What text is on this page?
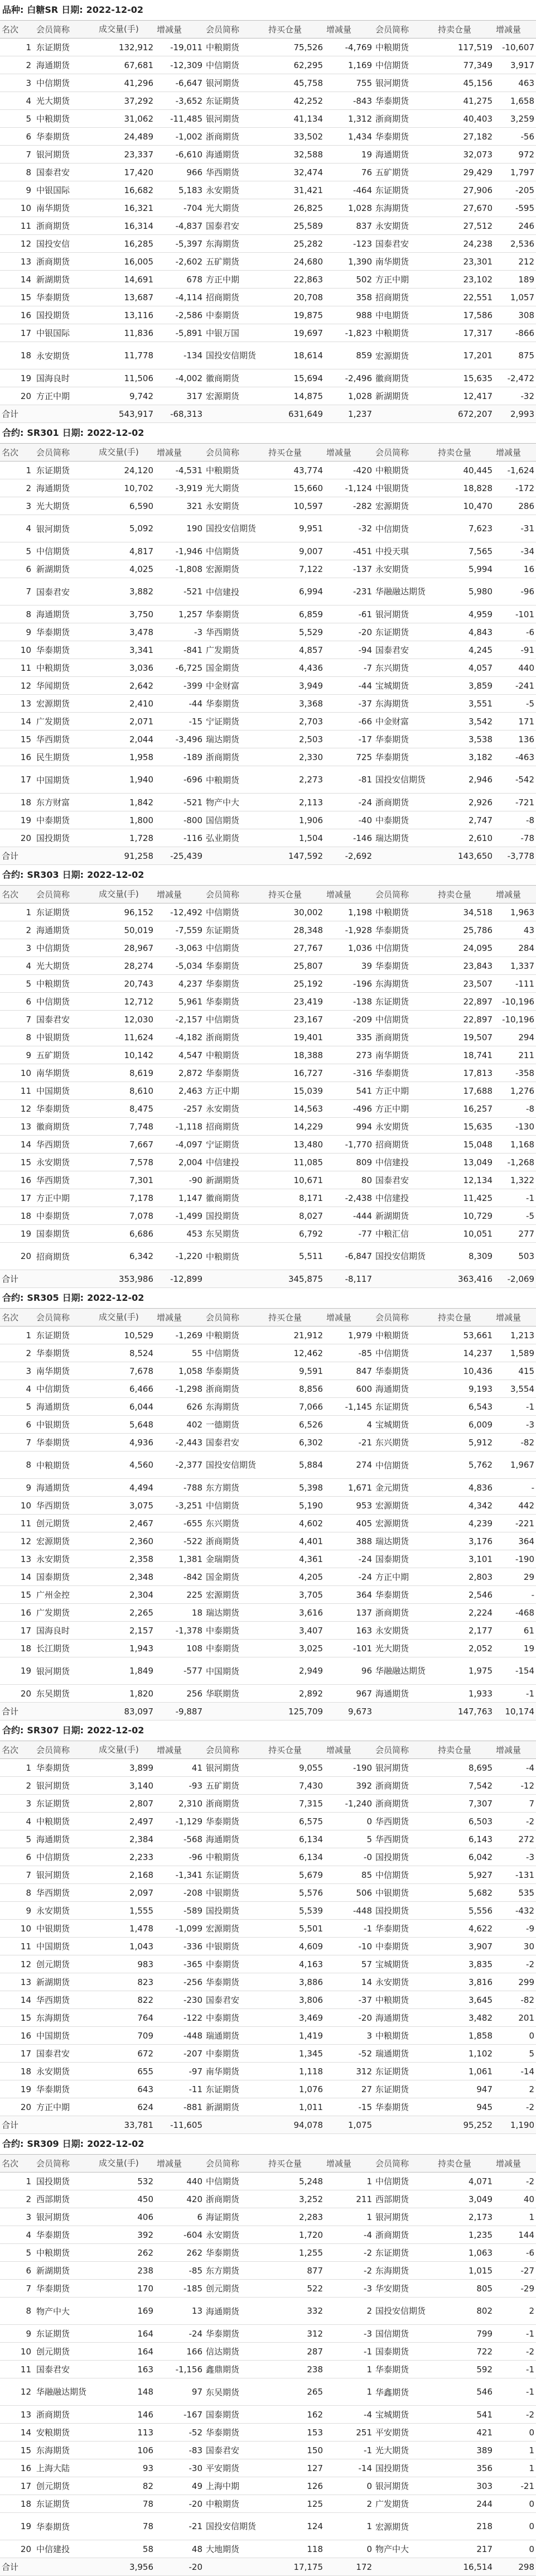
品种: 白糖SR 日期: 2022-12-02
名次	会员简称	成交量(手)	增减量	会员简称	持买仓量	增减量	会员简称	持卖仓量	增减量
1	东证期货	132,912	-19,011	中粮期货	75,526	-4,769	中粮期货	117,519	-10,607
2	海通期货	67,681	-12,309	中信期货	62,295	1,169	中信期货	77,349	3,917
3	中信期货	41,296	-6,647	银河期货	45,758	755	银河期货	45,156	463
4	光大期货	37,292	-3,652	东证期货	42,252	-843	华泰期货	41,275	1,658
5	中粮期货	31,062	-11,485	银河期货	41,134	1,312	浙商期货	40,403	3,259
6	华泰期货	24,489	-1,002	浙商期货	33,502	1,434	华泰期货	27,182	-56
7	银河期货	23,337	-6,610	海通期货	32,588	19	海通期货	32,073	972
8	国泰君安	17,420	966	华西期货	32,474	76	五矿期货	29,429	1,797
9	中银国际	16,682	5,183	永安期货	31,421	-464	东证期货	27,906	-205
10	南华期货	16,321	-704	光大期货	26,825	1,028	东海期货	27,670	-595
11	浙商期货	16,314	-4,837	国泰君安	25,589	837	永安期货	27,512	246
12	国投安信	16,285	-5,397	东海期货	25,282	-123	国泰君安	24,238	2,536
13	浙商期货	16,005	-2,602	五矿期货	24,680	1,390	南华期货	23,301	212
14	新湖期货	14,691	678	方正中期	22,863	502	方正中期	23,102	189
15	华泰期货	13,687	-4,114	招商期货	20,708	358	招商期货	22,551	1,057
16	国投期货	13,116	-2,586	中泰期货	19,875	988	中电期货	17,586	308
17	中银国际	11,836	-5,891	中银万国	19,697	-1,823	中粮期货	17,317	-866
18	永安期货	11,778	-134	国投安信期货	18,614	859	宏源期货	17,201	875
19	国海良时	11,506	-4,002	徽商期货	15,694	-2,496	徽商期货	15,635	-2,472
20	方正中期	9,742	317	宏源期货	14,875	1,028	新湖期货	12,417	-32
合计		543,917	-68,313		631,649	1,237		672,207	2,993
合约: SR301 日期: 2022-12-02
名次	会员简称	成交量(手)	增减量	会员简称	持买仓量	增减量	会员简称	持卖仓量	增减量
1	东证期货	24,120	-4,531	中粮期货	43,774	-420	中粮期货	40,445	-1,624
2	海通期货	10,702	-3,919	光大期货	15,660	-1,124	中银期货	18,828	-172
3	光大期货	6,590	321	永安期货	10,597	-282	宏源期货	10,470	286
4	银河期货	5,092	190	国投安信期货	9,951	-32	中信期货	7,623	-31
5	中信期货	4,817	-1,946	中信期货	9,007	-451	中投天琪	7,565	-34
6	新湖期货	4,025	-1,808	宏源期货	7,122	-137	永安期货	5,994	16
7	国泰君安	3,882	-521	中信建投	6,994	-231	华融融达期货	5,980	-96
8	海通期货	3,750	1,257	华泰期货	6,859	-61	银河期货	4,959	-101
9	华泰期货	3,478	-3	华西期货	5,529	-20	东证期货	4,843	-6
10	华泰期货	3,341	-841	广发期货	4,857	-94	国泰君安	4,245	-91
11	中粮期货	3,036	-6,725	国金期货	4,436	-7	东兴期货	4,057	440
12	华闻期货	2,642	-399	中金财富	3,949	-44	宝城期货	3,859	-241
13	宏源期货	2,410	-44	华泰期货	3,368	-37	东海期货	3,551	-5
14	广发期货	2,071	-15	宁证期货	2,703	-66	中金财富	3,542	171
15	华西期货	2,044	-3,496	瑞达期货	2,503	-17	华泰期货	3,538	136
16	民生期货	1,958	-189	浙商期货	2,330	725	华泰期货	3,182	-463
17	中国期货	1,940	-696	中粮期货	2,273	-81	国投安信期货	2,946	-542
18	东方财富	1,842	-521	物产中大	2,113	-24	浙商期货	2,926	-721
19	中泰期货	1,800	-800	国信期货	1,906	-40	中泰期货	2,747	-8
20	国投期货	1,728	-116	弘业期货	1,504	-146	瑞达期货	2,610	-78
合计		91,258	-25,439		147,592	-2,692		143,650	-3,778
合约: SR303 日期: 2022-12-02
名次	会员简称	成交量(手)	增减量	会员简称	持买仓量	增减量	会员简称	持卖仓量	增减量
1	东证期货	96,152	-12,492	中信期货	30,002	1,198	中粮期货	34,518	1,963
2	海通期货	50,019	-7,559	东证期货	28,348	-1,928	华泰期货	25,786	43
3	中信期货	28,967	-3,063	中信期货	27,767	1,036	中信期货	24,095	284
4	光大期货	28,274	-5,034	华泰期货	25,807	39	华泰期货	23,843	1,337
5	中粮期货	20,743	4,237	华泰期货	25,192	-196	东海期货	23,507	-111
6	中信期货	12,712	5,961	华泰期货	23,419	-138	东证期货	22,897	-10,196
7	国泰君安	12,030	-2,157	中信期货	23,167	-209	中信期货	22,897	-10,196
8	中银期货	11,624	-4,182	浙商期货	19,401	335	浙商期货	19,507	294
9	五矿期货	10,142	4,547	中粮期货	18,388	273	南华期货	18,741	211
10	南华期货	8,619	2,872	华泰期货	16,727	-316	华泰期货	17,813	-358
11	中国期货	8,610	2,463	方正中期	15,039	541	方正中期	17,688	1,276
12	华泰期货	8,475	-257	永安期货	14,563	-496	方正中期	16,257	-8
13	徽商期货	7,748	-1,118	招商期货	14,229	994	永安期货	15,635	-130
14	华西期货	7,667	-4,097	宁证期货	13,480	-1,770	招商期货	15,048	1,168
15	永安期货	7,578	2,004	中信建投	11,085	809	中信建投	13,049	-1,268
16	华西期货	7,301	-90	新湖期货	10,671	80	国泰君安	12,134	1,322
17	方正中期	7,178	1,147	徽商期货	8,171	-2,438	中信建投	11,425	-1
18	中泰期货	7,078	-1,499	国投期货	8,027	-444	新湖期货	10,729	-5
19	国泰期货	6,686	453	东吴期货	6,792	-77	中粮汇信	10,051	277
20	招商期货	6,342	-1,220	中粮期货	5,511	-6,847	国投安信期货	8,309	503
合计		353,986	-12,899		345,875	-8,117		363,416	-2,069
合约: SR305 日期: 2022-12-02
名次	会员简称	成交量(手)	增减量	会员简称	持买仓量	增减量	会员简称	持卖仓量	增减量
1	东证期货	10,529	-1,269	中粮期货	21,912	1,979	中粮期货	53,661	1,213
2	华泰期货	8,524	55	中信期货	12,462	-85	中信期货	14,237	1,589
3	南华期货	7,678	1,058	华泰期货	9,591	847	华泰期货	10,436	415
4	中信期货	6,466	-1,298	浙商期货	8,856	600	海通期货	9,193	3,554
5	海通期货	6,044	626	东海期货	7,066	-1,145	东证期货	6,543	-1
6	中银期货	5,648	402	一德期货	6,526	4	宝城期货	6,009	-3
7	华泰期货	4,936	-2,443	国泰君安	6,302	-21	东兴期货	5,912	-82
8	中粮期货	4,560	-2,377	国投安信期货	5,884	274	中信期货	5,762	1,967
9	海通期货	4,494	-788	东方期货	5,398	1,671	金元期货	4,836	-
10	华西期货	3,075	-3,251	中信期货	5,190	953	宏源期货	4,342	442
11	创元期货	2,467	-655	东兴期货	4,602	405	宏源期货	4,239	-221
12	宏源期货	2,360	-522	浙商期货	4,401	388	瑞达期货	3,176	364
13	永安期货	2,358	1,381	金瑞期货	4,361	-24	国泰期货	3,101	-190
14	国泰期货	2,348	-842	国金期货	4,205	-24	方正中期	2,803	29
15	广州金控	2,304	225	宏源期货	3,705	364	华泰期货	2,546	-
16	广发期货	2,265	18	瑞达期货	3,616	137	浙商期货	2,224	-468
17	国海良时	2,157	-1,378	中泰期货	3,407	163	永安期货	2,177	61
18	长江期货	1,943	108	中泰期货	3,025	-101	光大期货	2,052	19
19	银河期货	1,849	-577	中国期货	2,949	96	华融融达期货	1,975	-154
20	东吴期货	1,820	256	华联期货	2,892	967	海通期货	1,933	-1
合计		83,097	-9,887		125,709	9,673		147,763	10,174
合约: SR307 日期: 2022-12-02
名次	会员简称	成交量(手)	增减量	会员简称	持买仓量	增减量	会员简称	持卖仓量	增减量
1	华泰期货	3,899	41	银河期货	9,055	-190	银河期货	8,695	-4
2	银河期货	3,140	-93	五矿期货	7,430	392	浙商期货	7,542	-12
3	东证期货	2,807	2,310	浙商期货	7,315	-1,240	浙商期货	7,307	7
4	中粮期货	2,497	-1,129	华泰期货	6,575	0	华西期货	6,503	-2
5	海通期货	2,384	-568	海通期货	6,134	5	华西期货	6,143	272
6	中信期货	2,233	-96	中粮期货	6,134	-0	国投期货	6,042	-3
7	银河期货	2,168	-1,341	东证期货	5,679	85	中信期货	5,927	-131
8	华西期货	2,097	-208	中银期货	5,576	506	中银期货	5,682	535
9	永安期货	1,555	-589	国投期货	5,539	-448	国投期货	5,556	-432
10	中银期货	1,478	-1,099	宏源期货	5,501	-1	华泰期货	4,622	-9
11	中国期货	1,043	-336	中银期货	4,609	-10	中泰期货	3,907	30
12	创元期货	983	-365	中泰期货	4,163	57	宝城期货	3,835	-2
13	新湖期货	823	-256	华泰期货	3,886	14	永安期货	3,816	299
14	华西期货	822	-230	国泰君安	3,806	-37	中粮期货	3,645	-82
15	东海期货	764	-122	中泰期货	3,469	-20	海通期货	3,482	201
16	中国期货	709	-448	瑞通期货	1,419	3	中粮期货	1,858	0
17	国泰君安	672	-207	中泰期货	1,345	-52	瑞通期货	1,102	5
18	永安期货	655	-97	南华期货	1,118	312	东证期货	1,061	-14
19	华泰期货	643	-11	东证期货	1,076	27	东证期货	947	2
20	方正中期	624	-881	新湖期货	1,011	-15	华泰期货	945	-2
合计		33,781	-11,605		94,078	1,075		95,252	1,190
合约: SR309 日期: 2022-12-02
名次	会员简称	成交量(手)	增减量	会员简称	持买仓量	增减量	会员简称	持卖仓量	增减量
1	国投期货	532	440	中信期货	5,248	1	中信期货	4,071	-2
2	西部期货	450	420	浙商期货	3,252	211	西部期货	3,049	40
3	银河期货	406	6	海证期货	2,283	1	银河期货	2,173	1
4	华泰期货	392	-604	永安期货	1,720	-4	浙商期货	1,235	144
5	中粮期货	262	262	华泰期货	1,255	-2	东证期货	1,063	-6
6	新湖期货	238	-85	东方期货	877	-2	东海期货	1,015	-27
7	华泰期货	170	-185	创元期货	522	-3	华安期货	805	-29
8	物产中大	169	13	海通期货	332	2	国投安信期货	802	2
9	东证期货	164	-24	华泰期货	312	-3	国信期货	799	-1
10	创元期货	164	166	信达期货	287	-1	国泰期货	722	-2
11	国泰君安	163	-1,156	鑫鼎期货	238	1	华泰期货	592	-1
12	华融融达期货	148	97	东吴期货	265	1	华鑫期货	546	-1
13	浙商期货	146	-167	国泰期货	162	-4	宝城期货	541	-2
14	安粮期货	113	-52	华泰期货	153	251	平安期货	421	0
15	东海期货	106	-83	国泰君安	150	-1	光大期货	389	1
16	上海大陆	93	-30	平安期货	127	-14	国投期货	356	1
17	创元期货	82	49	上海中期	126	0	银河期货	303	-21
18	东证期货	78	-20	中粮期货	125	2	广发期货	244	0
19	华泰期货	78	-21	国投安信期货	124	1	宏源期货	218	0
20	中信建投	58	48	大地期货	118	0	物产中大	217	0
合计		3,956	-20		17,175	172		16,514	298
